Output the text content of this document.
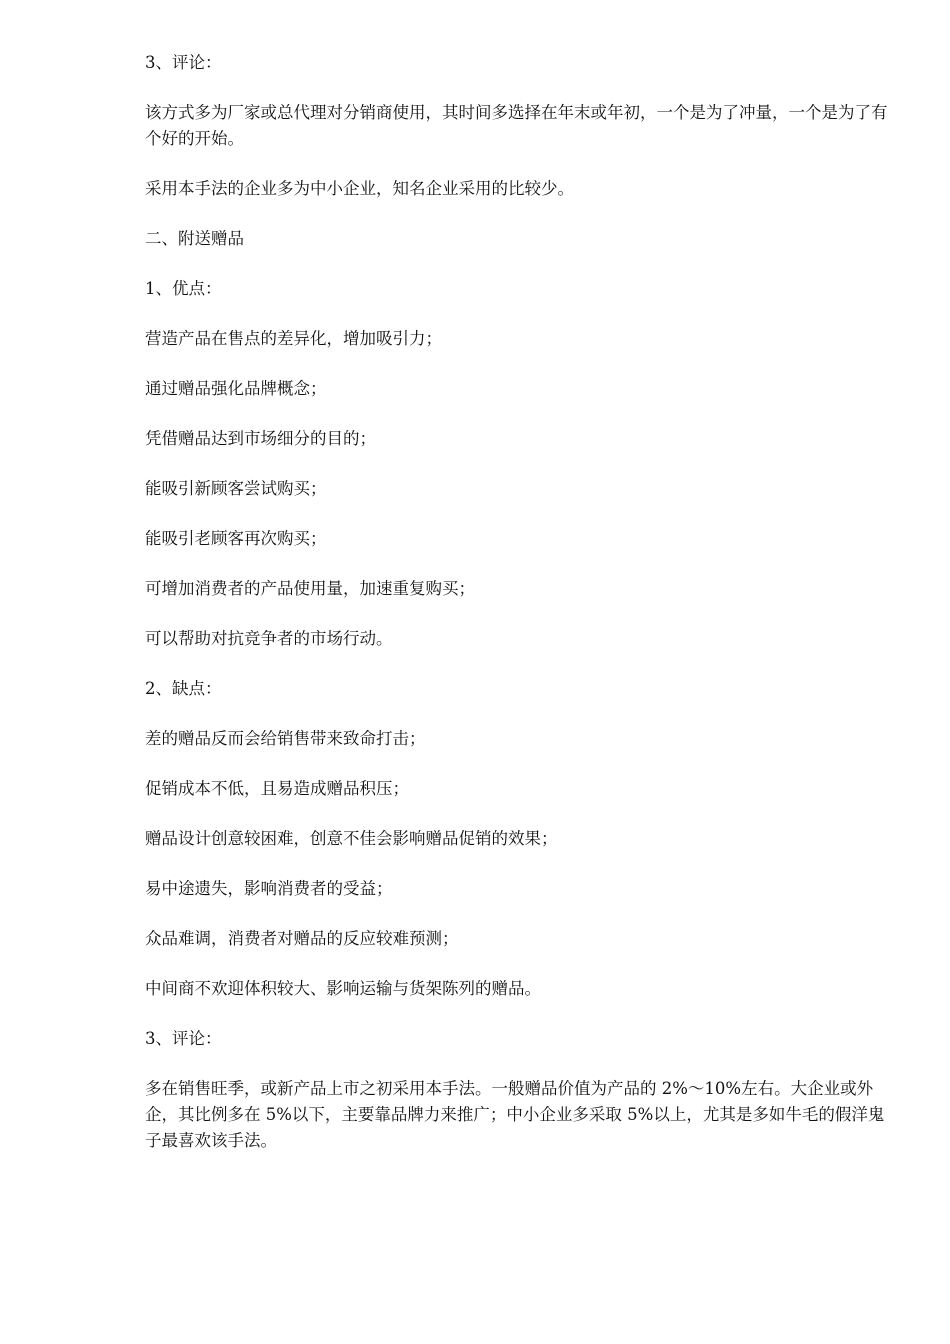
3、评论：

该方式多为厂家或总代理对分销商使用，其时间多选择在年末或年初，一个是为了冲量，一个是为了有个好的开始。

采用本手法的企业多为中小企业，知名企业采用的比较少。

二、附送赠品

1、优点：

营造产品在售点的差异化，增加吸引力；

通过赠品强化品牌概念；

凭借赠品达到市场细分的目的；

能吸引新顾客尝试购买；

能吸引老顾客再次购买；

可增加消费者的产品使用量，加速重复购买；

可以帮助对抗竞争者的市场行动。

2、缺点：

差的赠品反而会给销售带来致命打击；

促销成本不低，且易造成赠品积压；

赠品设计创意较困难，创意不佳会影响赠品促销的效果；

易中途遗失，影响消费者的受益；

众品难调，消费者对赠品的反应较难预测；

中间商不欢迎体积较大、影响运输与货架陈列的赠品。

3、评论：

多在销售旺季，或新产品上市之初采用本手法。一般赠品价值为产品的 2%～10%左右。大企业或外企，其比例多在 5%以下，主要靠品牌力来推广；中小企业多采取 5%以上，尤其是多如牛毛的假洋鬼子最喜欢该手法。
